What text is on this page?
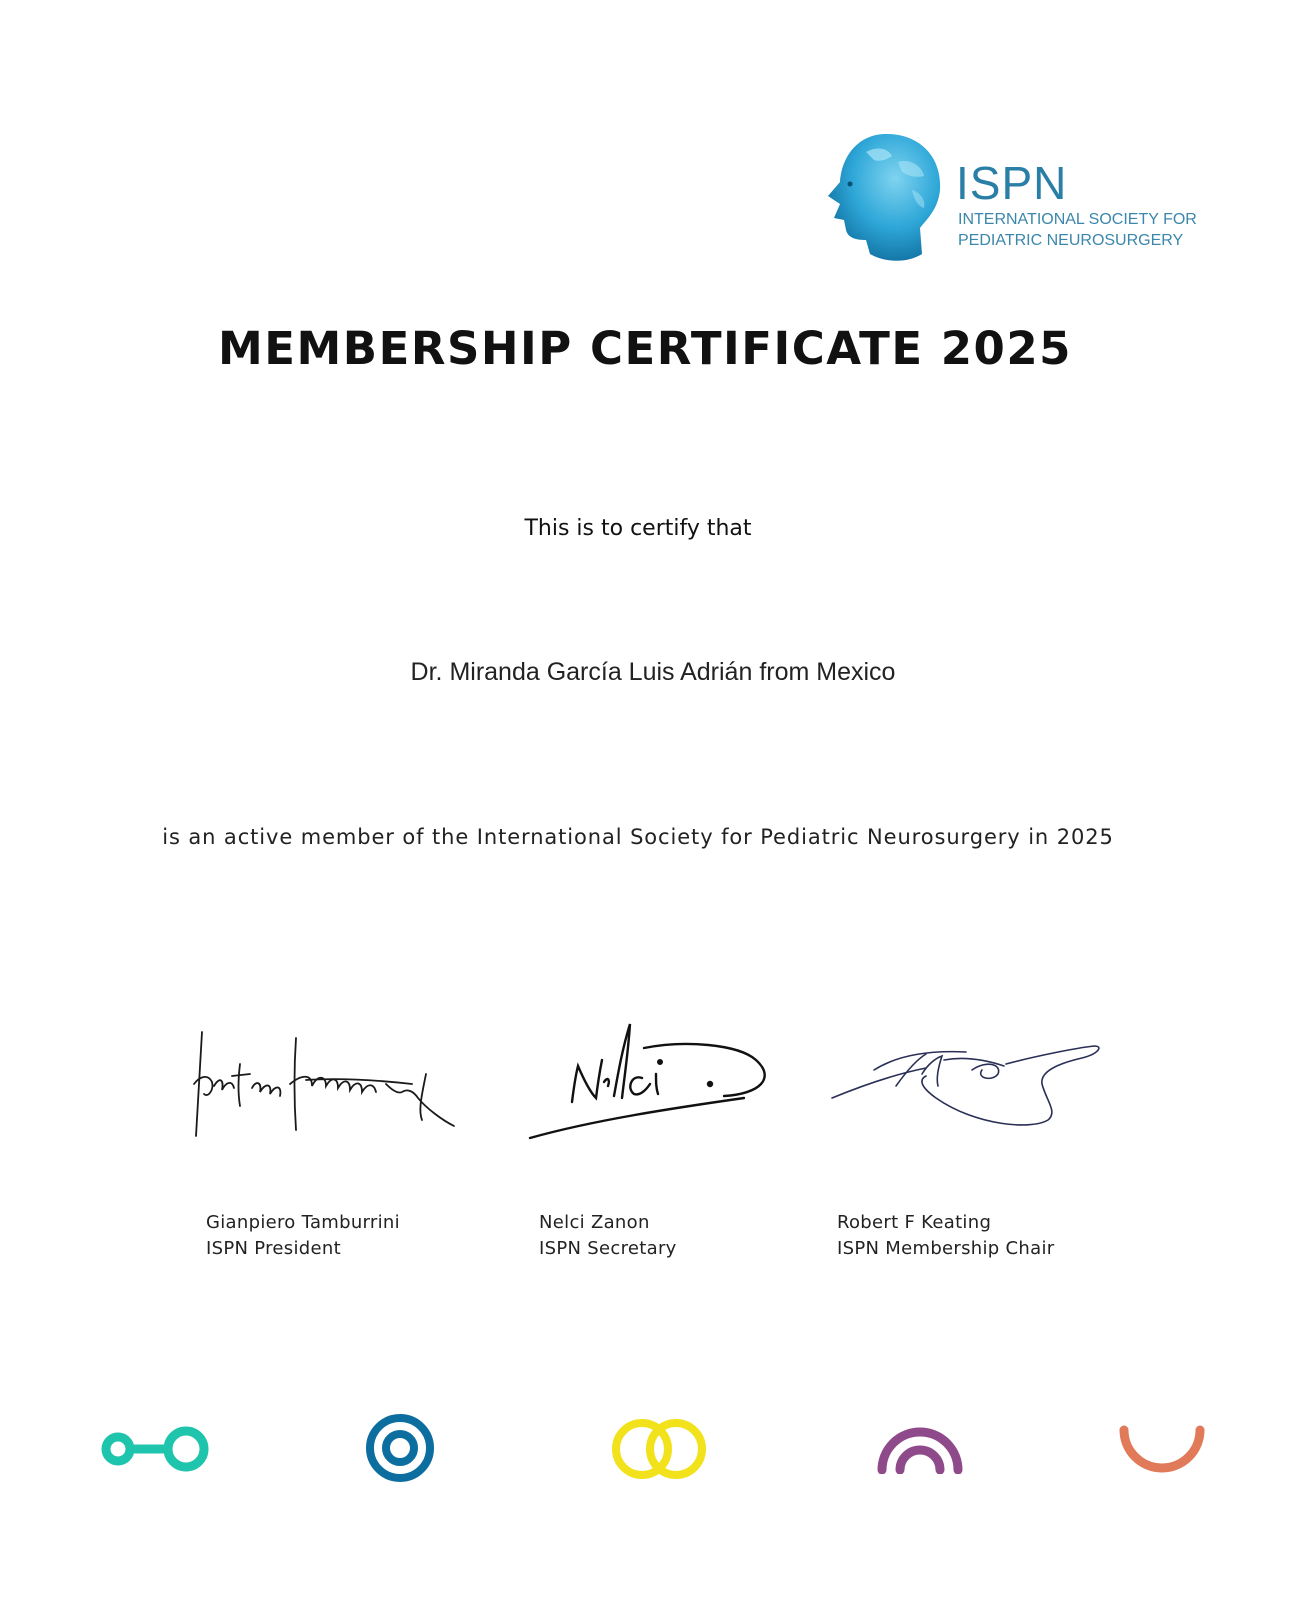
ISPN
INTERNATIONAL SOCIETY FOR
PEDIATRIC NEUROSURGERY
MEMBERSHIP CERTIFICATE 2025
This is to certify that
Dr. Miranda García Luis Adrián from Mexico
is an active member of the International Society for Pediatric Neurosurgery in 2025
Gianpiero Tamburrini
ISPN President
Nelci Zanon
ISPN Secretary
Robert F Keating
ISPN Membership Chair
